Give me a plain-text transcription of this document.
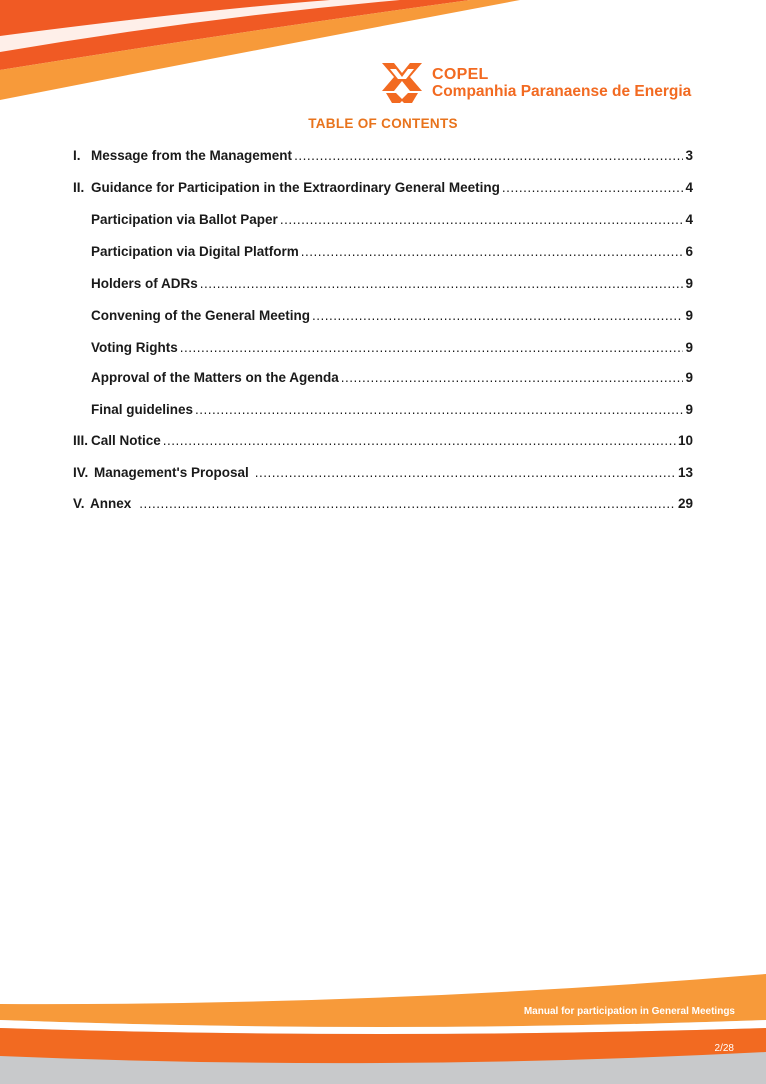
COPEL
Companhia Paranaense de Energia
TABLE OF CONTENTS
I. Message from the Management .....	3
II. Guidance for Participation in the Extraordinary General Meeting .....	4
Participation via Ballot Paper .....	4
Participation via Digital Platform .....	6
Holders of ADRs .....	9
Convening of the General Meeting .....	9
Voting Rights .....	9
Approval of the Matters on the Agenda .....	9
Final guidelines .....	9
III. Call Notice .....	10
IV. Management's Proposal .....	13
V. Annex .....	29
Manual for participation in General Meetings
2/28
